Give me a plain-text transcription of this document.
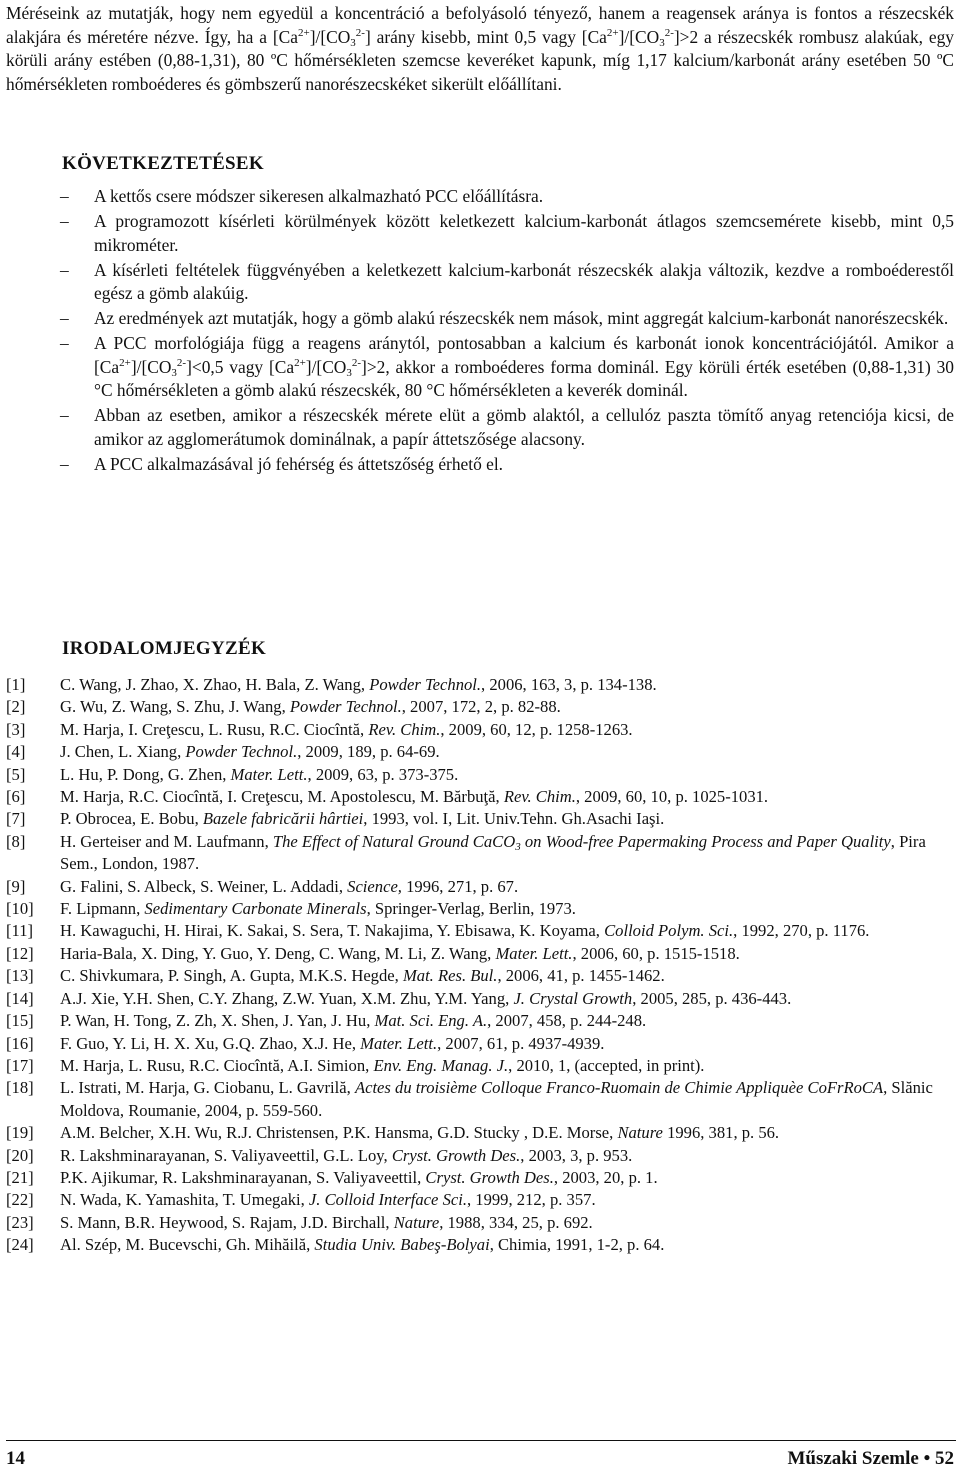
Méréseink az mutatják, hogy nem egyedül a koncentráció a befolyásoló tényező, hanem a reagensek aránya is fontos a részecskék alakjára és méretére nézve. Így, ha a $[Ca^{2+}]/[CO_3^{2-}]$ arány kisebb, mint 0,5 vagy $[Ca^{2+}]/[CO_3^{2-}]>2$ a részecskék rombusz alakúak, egy körüli arány estében (0,88-1,31), 80 ºC hőmérsékleten szemcse keveréket kapunk, míg 1,17 kalcium/karbonát arány esetében 50 ºC hőmérsékleten romboéderes és gömbszerű nanorészecskéket sikerült előállítani.

KÖVETKEZTETÉSEK
– A kettős csere módszer sikeresen alkalmazható PCC előállításra.
– A programozott kísérleti körülmények között keletkezett kalcium-karbonát átlagos szemcsemérete kisebb, mint 0,5 mikrométer.
– A kísérleti feltételek függvényében a keletkezett kalcium-karbonát részecskék alakja változik, kezdve a romboéderestől egész a gömb alakúig.
– Az eredmények azt mutatják, hogy a gömb alakú részecskék nem mások, mint aggregát kalcium-karbonát nanorészecskék.
– A PCC morfológiája függ a reagens aránytól, pontosabban a kalcium és karbonát ionok koncentrációjától. Amikor a $[Ca^{2+}]/[CO_3^{2-}]<0,5$ vagy $[Ca^{2+}]/[CO_3^{2-}]>2$, akkor a romboéderes forma dominál. Egy körüli érték esetében (0,88-1,31) 30 °C hőmérsékleten a gömb alakú részecskék, 80 °C hőmérsékleten a keverék dominál.
– Abban az esetben, amikor a részecskék mérete elüt a gömb alaktól, a cellulóz paszta tömítő anyag retenciója kicsi, de amikor az agglomerátumok dominálnak, a papír áttetszősége alacsony.
– A PCC alkalmazásával jó fehérség és áttetszőség érhető el.
IRODALOMJEGYZÉK
[1] C. Wang, J. Zhao, X. Zhao, H. Bala, Z. Wang, Powder Technol., 2006, 163, 3, p. 134-138.
[2] G. Wu, Z. Wang, S. Zhu, J. Wang, Powder Technol., 2007, 172, 2, p. 82-88.
[3] M. Harja, I. Creţescu, L. Rusu, R.C. Ciocîntă, Rev. Chim., 2009, 60, 12, p. 1258-1263.
[4] J. Chen, L. Xiang, Powder Technol., 2009, 189, p. 64-69.
[5] L. Hu, P. Dong, G. Zhen, Mater. Lett., 2009, 63, p. 373-375.
[6] M. Harja, R.C. Ciocîntă, I. Creţescu, M. Apostolescu, M. Bărbuţă, Rev. Chim., 2009, 60, 10, p. 1025-1031.
[7] P. Obrocea, E. Bobu, Bazele fabricării hârtiei, 1993, vol. I, Lit. Univ.Tehn. Gh.Asachi Iaşi.
[8] H. Gerteiser and M. Laufmann, The Effect of Natural Ground CaCO$_3$ on Wood-free Papermaking Process and Paper Quality, Pira Sem., London, 1987.
[9] G. Falini, S. Albeck, S. Weiner, L. Addadi, Science, 1996, 271, p. 67.
[10] F. Lipmann, Sedimentary Carbonate Minerals, Springer-Verlag, Berlin, 1973.
[11] H. Kawaguchi, H. Hirai, K. Sakai, S. Sera, T. Nakajima, Y. Ebisawa, K. Koyama, Colloid Polym. Sci., 1992, 270, p. 1176.
[12] Haria-Bala, X. Ding, Y. Guo, Y. Deng, C. Wang, M. Li, Z. Wang, Mater. Lett., 2006, 60, p. 1515-1518.
[13] C. Shivkumara, P. Singh, A. Gupta, M.K.S. Hegde, Mat. Res. Bul., 2006, 41, p. 1455-1462.
[14] A.J. Xie, Y.H. Shen, C.Y. Zhang, Z.W. Yuan, X.M. Zhu, Y.M. Yang, J. Crystal Growth, 2005, 285, p. 436-443.
[15] P. Wan, H. Tong, Z. Zh, X. Shen, J. Yan, J. Hu, Mat. Sci. Eng. A., 2007, 458, p. 244-248.
[16] F. Guo, Y. Li, H. X. Xu, G.Q. Zhao, X.J. He, Mater. Lett., 2007, 61, p. 4937-4939.
[17] M. Harja, L. Rusu, R.C. Ciocîntă, A.I. Simion, Env. Eng. Manag. J., 2010, 1, (accepted, in print).
[18] L. Istrati, M. Harja, G. Ciobanu, L. Gavrilă, Actes du troisième Colloque Franco-Ruomain de Chimie Appliquèe CoFrRoCA, Slănic Moldova, Roumanie, 2004, p. 559-560.
[19] A.M. Belcher, X.H. Wu, R.J. Christensen, P.K. Hansma, G.D. Stucky , D.E. Morse, Nature 1996, 381, p. 56.
[20] R. Lakshminarayanan, S. Valiyaveettil, G.L. Loy, Cryst. Growth Des., 2003, 3, p. 953.
[21] P.K. Ajikumar, R. Lakshminarayanan, S. Valiyaveettil, Cryst. Growth Des., 2003, 20, p. 1.
[22] N. Wada, K. Yamashita, T. Umegaki, J. Colloid Interface Sci., 1999, 212, p. 357.
[23] S. Mann, B.R. Heywood, S. Rajam, J.D. Birchall, Nature, 1988, 334, 25, p. 692.
[24] Al. Szép, M. Bucevschi, Gh. Mihăilă, Studia Univ. Babeş-Bolyai, Chimia, 1991, 1-2, p. 64.
14	Műszaki Szemle • 52
